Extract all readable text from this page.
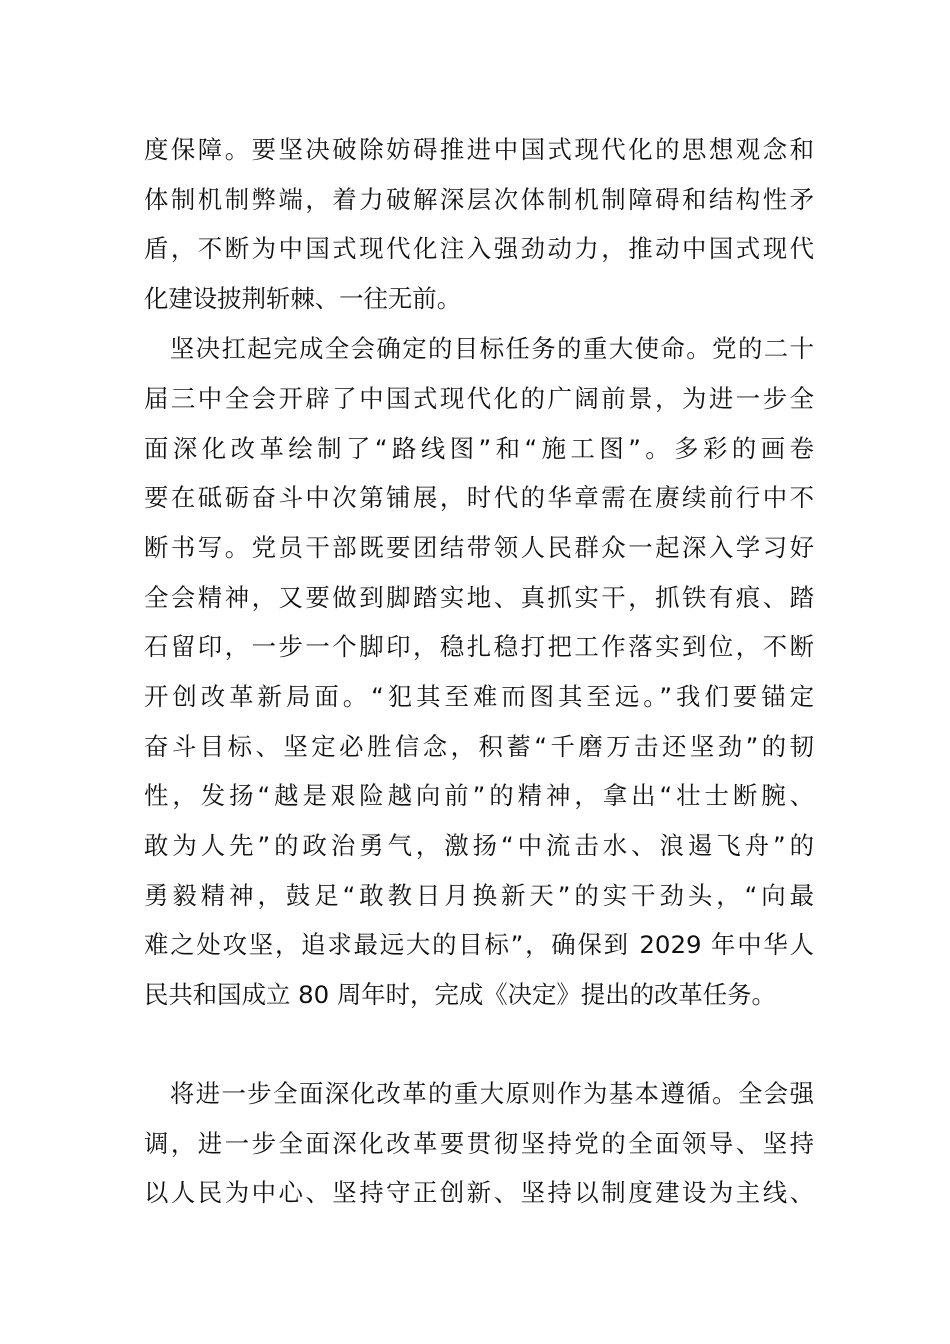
度保障。要坚决破除妨碍推进中国式现代化的思想观念和

体制机制弊端，着力破解深层次体制机制障碍和结构性矛

盾，不断为中国式现代化注入强劲动力，推动中国式现代

化建设披荆斩棘、一往无前。

　坚决扛起完成全会确定的目标任务的重大使命。党的二十

届三中全会开辟了中国式现代化的广阔前景，为进一步全

面深化改革绘制了“路线图”和“施工图”。多彩的画卷

要在砥砺奋斗中次第铺展，时代的华章需在赓续前行中不

断书写。党员干部既要团结带领人民群众一起深入学习好

全会精神，又要做到脚踏实地、真抓实干，抓铁有痕、踏

石留印，一步一个脚印，稳扎稳打把工作落实到位，不断

开创改革新局面。“犯其至难而图其至远。”我们要锚定

奋斗目标、坚定必胜信念，积蓄“千磨万击还坚劲”的韧

性，发扬“越是艰险越向前”的精神，拿出“壮士断腕、

敢为人先”的政治勇气，激扬“中流击水、浪遏飞舟”的

勇毅精神，鼓足“敢教日月换新天”的实干劲头，“向最

难之处攻坚，追求最远大的目标”，确保到 2029 年中华人

民共和国成立 80 周年时，完成《决定》提出的改革任务。

　将进一步全面深化改革的重大原则作为基本遵循。全会强

调，进一步全面深化改革要贯彻坚持党的全面领导、坚持

以人民为中心、坚持守正创新、坚持以制度建设为主线、
